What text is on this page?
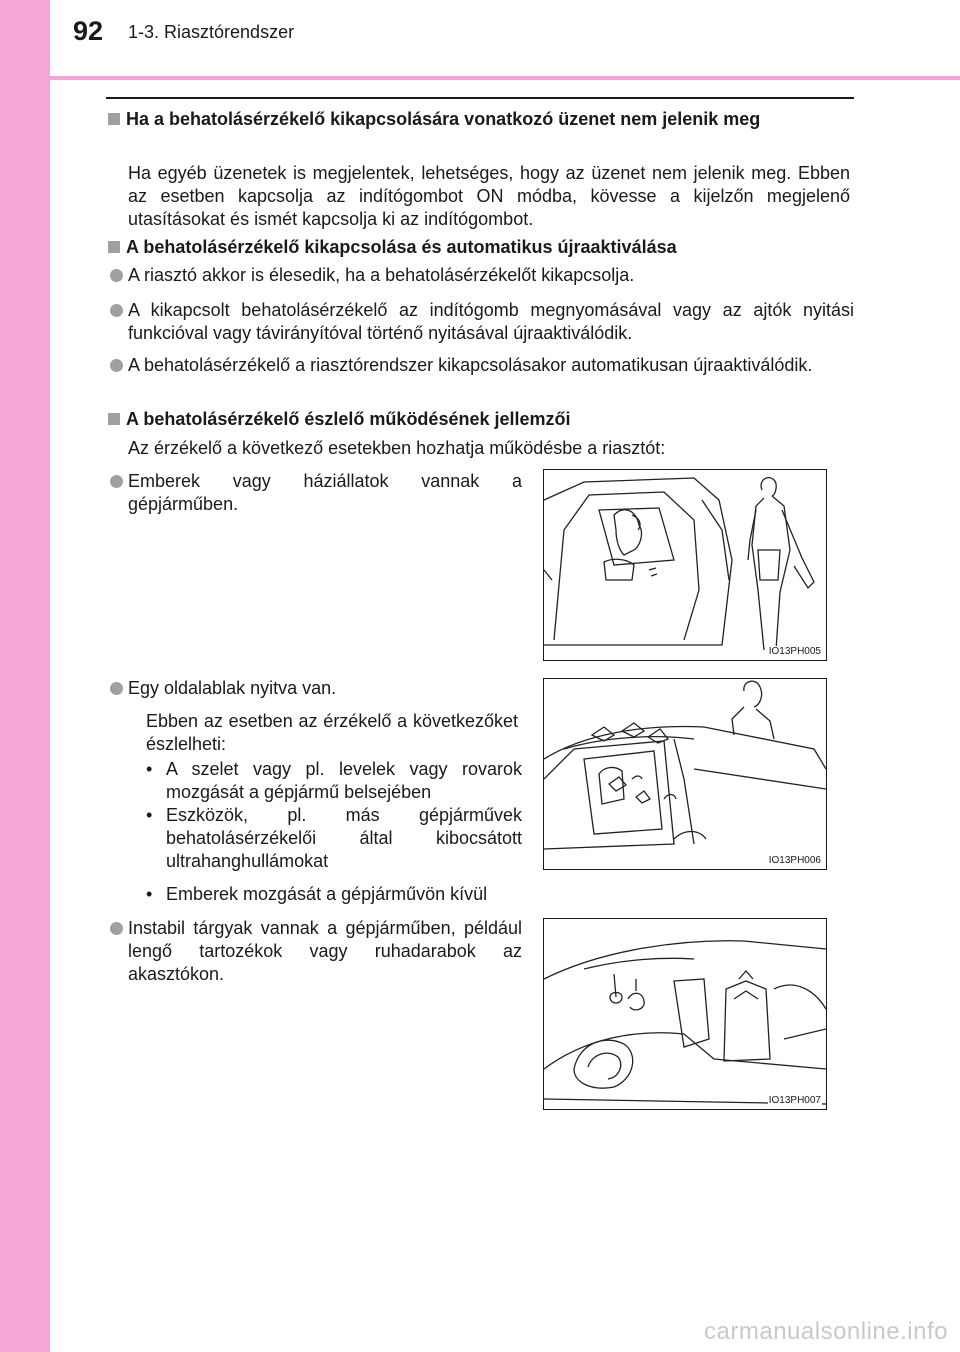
92 1-3. Riasztórendszer
Ha a behatolásérzékelő kikapcsolására vonatkozó üzenet nem jelenik meg
Ha egyéb üzenetek is megjelentek, lehetséges, hogy az üzenet nem jelenik meg. Ebben az esetben kapcsolja az indítógombot ON módba, kövesse a kijelzőn megjelenő utasításokat és ismét kapcsolja ki az indítógombot.
A behatolásérzékelő kikapcsolása és automatikus újraaktiválása
A riasztó akkor is élesedik, ha a behatolásérzékelőt kikapcsolja.
A kikapcsolt behatolásérzékelő az indítógomb megnyomásával vagy az ajtók nyitási funkcióval vagy távirányítóval történő nyitásával újraaktiválódik.
A behatolásérzékelő a riasztórendszer kikapcsolásakor automatikusan újraaktiválódik.
A behatolásérzékelő észlelő működésének jellemzői
Az érzékelő a következő esetekben hozhatja működésbe a riasztót:
Emberek vagy háziállatok vannak a gépjárműben.
IO13PH005
Egy oldalablak nyitva van.
Ebben az esetben az érzékelő a következőket észlelheti:
• A szelet vagy pl. levelek vagy rovarok mozgását a gépjármű belsejében
• Eszközök, pl. más gépjárművek behatolásérzékelői által kibocsátott ultrahanghullámokat
• Emberek mozgását a gépjárművön kívül
IO13PH006
Instabil tárgyak vannak a gépjárműben, például lengő tartozékok vagy ruhadarabok az akasztókon.
IO13PH007
carmanualsonline.info
